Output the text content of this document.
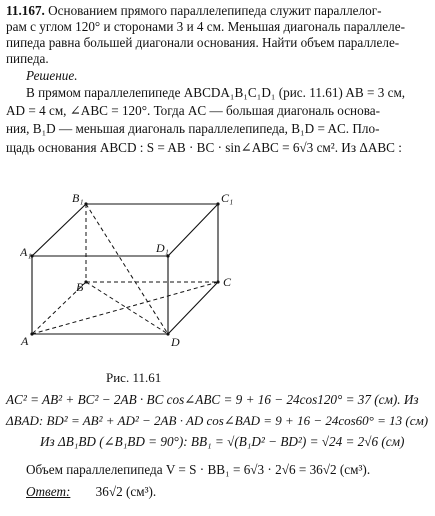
11.167. Основанием прямого параллелепипеда служит параллелог-
рам с углом 120° и сторонами 3 и 4 см. Меньшая диагональ параллеле-
пипеда равна большей диагонали основания. Найти объем параллеле-
пипеда.
Решение.
В прямом параллелепипеде ABCDA₁B₁C₁D₁ (рис. 11.61) AB = 3 см,
AD = 4 см, ∠ABC = 120°. Тогда AC — большая диагональ основа-
ния, B₁D — меньшая диагональ параллелепипеда, B₁D = AC. Пло-
щадь основания ABCD : S = AB · BC · sin∠ABC = 6√3 см². Из ΔABC :
B₁	C₁
A₁	D₁
B	C
A	D
Рис. 11.61
AC² = AB² + BC² − 2AB · BC cos∠ABC = 9 + 16 − 24cos120° = 37 (см). Из
ΔBAD: BD² = AB² + AD² − 2AB · AD cos∠BAD = 9 + 16 − 24cos60° = 13 (см)
Из ΔB₁BD (∠B₁BD = 90°): BB₁ = √(B₁D² − BD²) = √24 = 2√6 (см)
Объем параллелепипеда V = S · BB₁ = 6√3 · 2√6 = 36√2 (см³).
Ответ: 36√2 (см³).
